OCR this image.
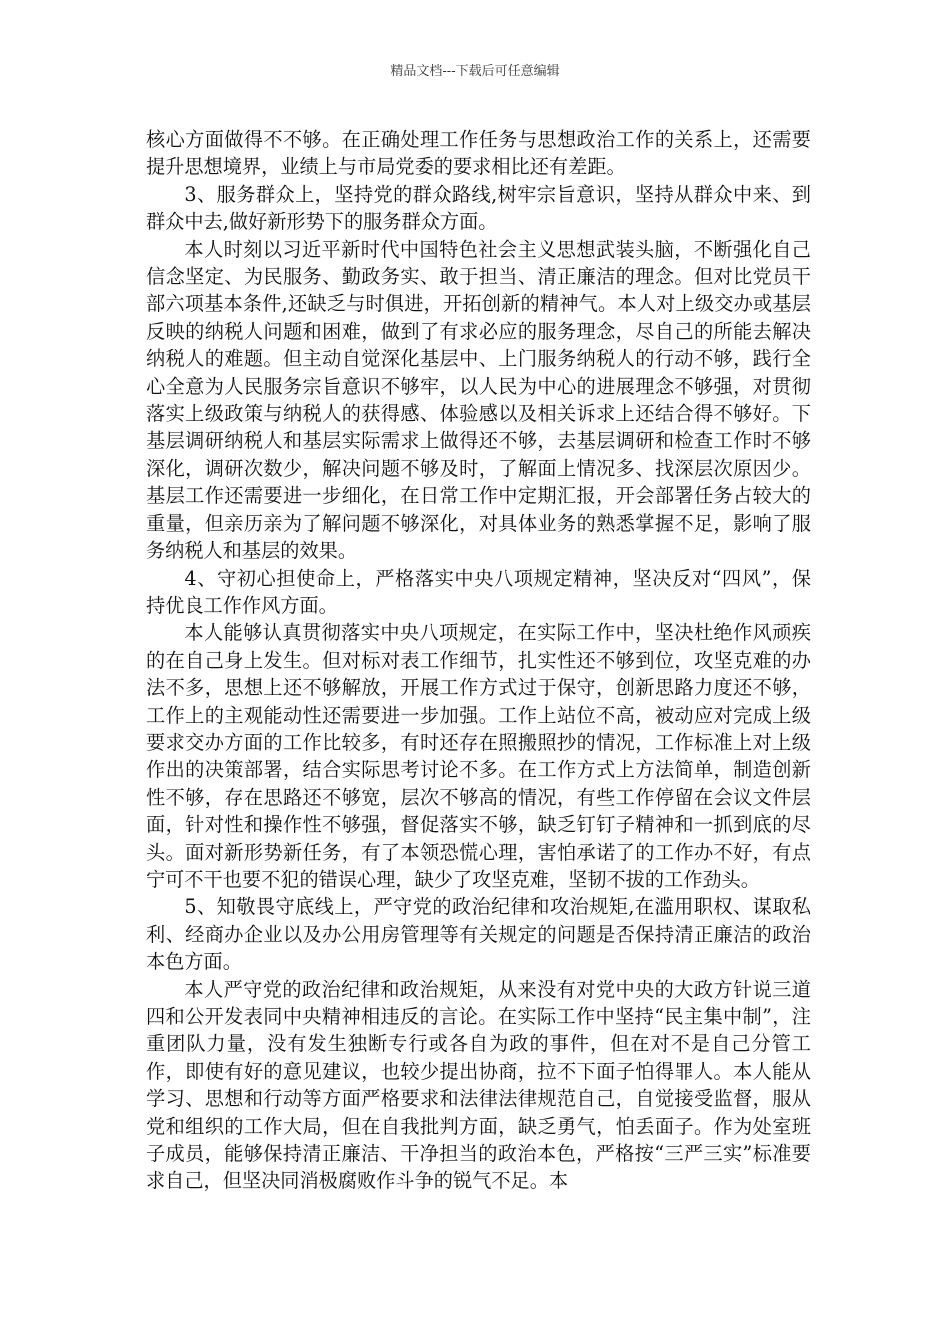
精品文档---下载后可任意编辑

核心方面做得不不够。在正确处理工作任务与思想政治工作的关系上，还需要提升思想境界，业绩上与市局党委的要求相比还有差距。

3、服务群众上，坚持党的群众路线,树牢宗旨意识，坚持从群众中来、到群众中去,做好新形势下的服务群众方面。

本人时刻以习近平新时代中国特色社会主义思想武装头脑，不断强化自己信念坚定、为民服务、勤政务实、敢于担当、清正廉洁的理念。但对比党员干部六项基本条件,还缺乏与时俱进，开拓创新的精神气。本人对上级交办或基层反映的纳税人问题和困难，做到了有求必应的服务理念，尽自己的所能去解决纳税人的难题。但主动自觉深化基层中、上门服务纳税人的行动不够，践行全心全意为人民服务宗旨意识不够牢，以人民为中心的进展理念不够强，对贯彻落实上级政策与纳税人的获得感、体验感以及相关诉求上还结合得不够好。下基层调研纳税人和基层实际需求上做得还不够，去基层调研和检查工作时不够深化，调研次数少，解决问题不够及时，了解面上情况多、找深层次原因少。基层工作还需要进一步细化，在日常工作中定期汇报，开会部署任务占较大的重量，但亲历亲为了解问题不够深化，对具体业务的熟悉掌握不足，影响了服务纳税人和基层的效果。

4、守初心担使命上，严格落实中央八项规定精神，坚决反对“四风”，保持优良工作作风方面。

本人能够认真贯彻落实中央八项规定，在实际工作中，坚决杜绝作风顽疾的在自己身上发生。但对标对表工作细节，扎实性还不够到位，攻坚克难的办法不多，思想上还不够解放，开展工作方式过于保守，创新思路力度还不够，工作上的主观能动性还需要进一步加强。工作上站位不高，被动应对完成上级要求交办方面的工作比较多，有时还存在照搬照抄的情况，工作标准上对上级作出的决策部署，结合实际思考讨论不多。在工作方式上方法简单，制造创新性不够，存在思路还不够宽，层次不够高的情况，有些工作停留在会议文件层面，针对性和操作性不够强，督促落实不够，缺乏钉钉子精神和一抓到底的尽头。面对新形势新任务，有了本领恐慌心理，害怕承诺了的工作办不好，有点宁可不干也要不犯的错误心理，缺少了攻坚克难，坚韧不拔的工作劲头。

5、知敬畏守底线上，严守党的政治纪律和攻治规矩,在滥用职权、谋取私利、经商办企业以及办公用房管理等有关规定的问题是否保持清正廉洁的政治本色方面。

本人严守党的政治纪律和政治规矩，从来没有对党中央的大政方针说三道四和公开发表同中央精神相违反的言论。在实际工作中坚持“民主集中制”，注重团队力量，没有发生独断专行或各自为政的事件，但在对不是自己分管工作，即使有好的意见建议，也较少提出协商，拉不下面子怕得罪人。本人能从学习、思想和行动等方面严格要求和法律法律规范自己，自觉接受监督，服从党和组织的工作大局，但在自我批判方面，缺乏勇气，怕丢面子。作为处室班子成员，能够保持清正廉洁、干净担当的政治本色，严格按“三严三实”标准要求自己，但坚决同消极腐败作斗争的锐气不足。本
